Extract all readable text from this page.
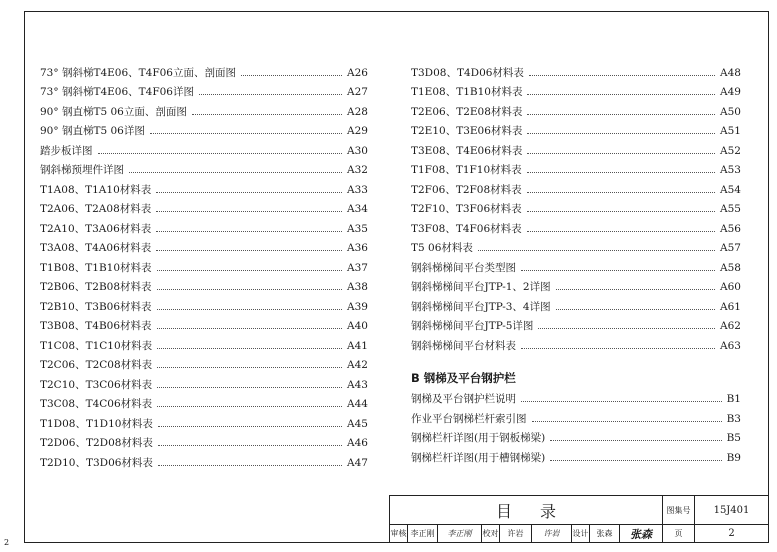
73° 钢斜梯T4E06、T4F06立面、剖面图	A26
73° 钢斜梯T4E06、T4F06详图	A27
90° 钢直梯T5 06立面、剖面图	A28
90° 钢直梯T5 06详图	A29
踏步板详图	A30
钢斜梯预埋件详图	A32
T1A08、T1A10材料表	A33
T2A06、T2A08材料表	A34
T2A10、T3A06材料表	A35
T3A08、T4A06材料表	A36
T1B08、T1B10材料表	A37
T2B06、T2B08材料表	A38
T2B10、T3B06材料表	A39
T3B08、T4B06材料表	A40
T1C08、T1C10材料表	A41
T2C06、T2C08材料表	A42
T2C10、T3C06材料表	A43
T3C08、T4C06材料表	A44
T1D08、T1D10材料表	A45
T2D06、T2D08材料表	A46
T2D10、T3D06材料表	A47
T3D08、T4D06材料表	A48
T1E08、T1B10材料表	A49
T2E06、T2E08材料表	A50
T2E10、T3E06材料表	A51
T3E08、T4E06材料表	A52
T1F08、T1F10材料表	A53
T2F06、T2F08材料表	A54
T2F10、T3F06材料表	A55
T3F08、T4F06材料表	A56
T5 06材料表	A57
钢斜梯梯间平台类型图	A58
钢斜梯梯间平台JTP-1、2详图	A60
钢斜梯梯间平台JTP-3、4详图	A61
钢斜梯梯间平台JTP-5详图	A62
钢斜梯梯间平台材料表	A63
B 钢梯及平台钢护栏
钢梯及平台钢护栏说明	B1
作业平台钢梯栏杆索引图	B3
钢梯栏杆详图(用于钢板梯梁)	B5
钢梯栏杆详图(用于槽钢梯梁)	B9
目录	图集号	15J401
审核 李正刚	李正刚	校对	许岩	许岩	设计	张森	张森	页	2
2
